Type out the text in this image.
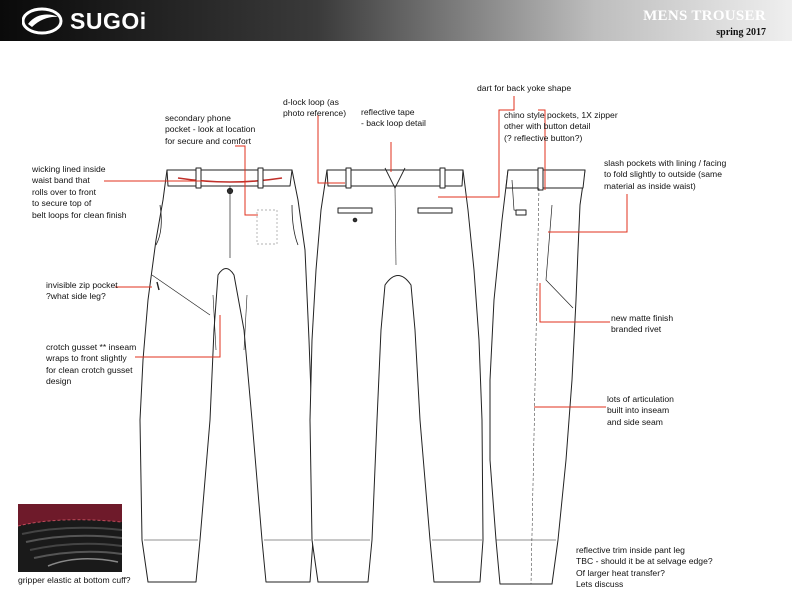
SUGOi	MENS TROUSER
spring 2017
secondary phone
pocket - look at location
for secure and comfort
d-lock loop (as
photo reference) reflective tape
- back loop detail
dart for back yoke shape
chino style pockets, 1X zipper
other with button detail
(? reflective button?)
slash pockets with lining / facing
to fold slightly to outside (same
material as inside waist)
wicking lined inside
waist band that
rolls over to front
to secure top of
belt loops for clean finish
invisible zip pocket
?what side leg?
crotch gusset ** inseam
wraps to front slightly
for clean crotch gusset
design
new matte finish
branded rivet
lots of articulation
built into inseam
and side seam
reflective trim inside pant leg
TBC - should it be at selvage edge?
Of larger heat transfer?
Lets discuss
gripper elastic at bottom cuff?
